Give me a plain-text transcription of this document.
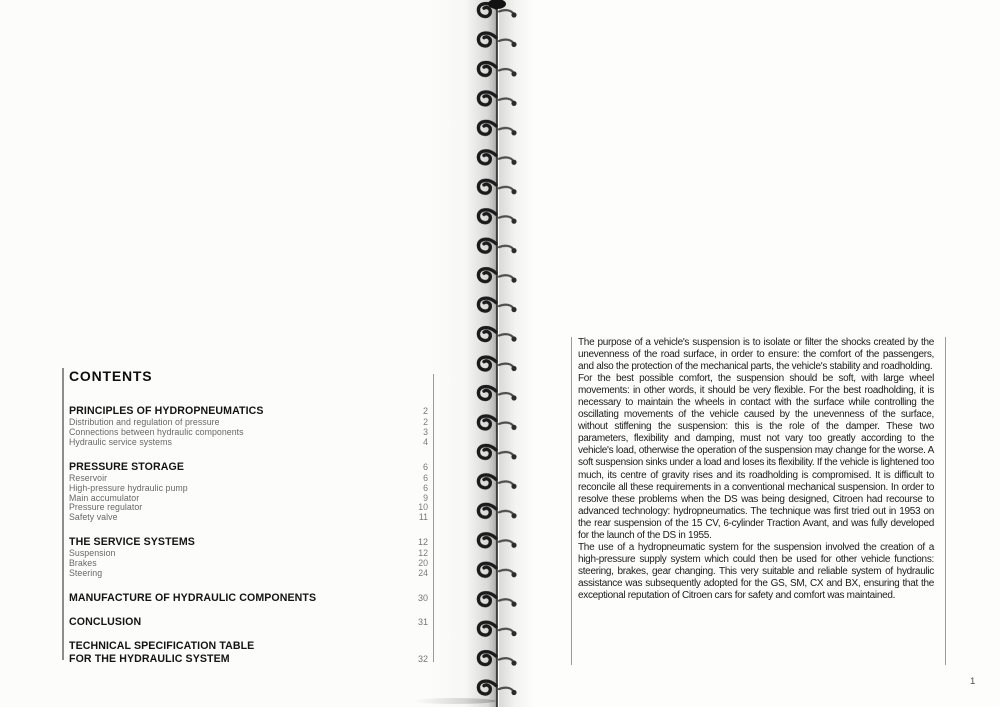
CONTENTS
PRINCIPLES OF HYDROPNEUMATICS	2
Distribution and regulation of pressure	2
Connections between hydraulic components	3
Hydraulic service systems	4
PRESSURE STORAGE	6
Reservoir	6
High-pressure hydraulic pump	6
Main accumulator	9
Pressure regulator	10
Safety valve	11
THE SERVICE SYSTEMS	12
Suspension	12
Brakes	20
Steering	24
MANUFACTURE OF HYDRAULIC COMPONENTS	30
CONCLUSION	31
TECHNICAL SPECIFICATION TABLE
FOR THE HYDRAULIC SYSTEM	32

The purpose of a vehicle's suspension is to isolate or filter the shocks created by the unevenness of the road surface, in order to ensure: the comfort of the passengers, and also the protection of the mechanical parts, the vehicle's stability and roadholding.

For the best possible comfort, the suspension should be soft, with large wheel movements: in other words, it should be very flexible. For the best roadholding, it is necessary to maintain the wheels in contact with the surface while controlling the oscillating movements of the vehicle caused by the unevenness of the surface, without stiffening the suspension: this is the role of the damper. These two parameters, flexibility and damping, must not vary too greatly according to the vehicle's load, otherwise the operation of the suspension may change for the worse. A soft suspension sinks under a load and loses its flexibility. If the vehicle is lightened too much, its centre of gravity rises and its roadholding is compromised. It is difficult to reconcile all these requirements in a conventional mechanical suspension. In order to resolve these problems when the DS was being designed, Citroen had recourse to advanced technology: hydropneumatics. The technique was first tried out in 1953 on the rear suspension of the 15 CV, 6-cylinder Traction Avant, and was fully developed for the launch of the DS in 1955.

The use of a hydropneumatic system for the suspension involved the creation of a high-pressure supply system which could then be used for other vehicle functions: steering, brakes, gear changing. This very suitable and reliable system of hydraulic assistance was subsequently adopted for the GS, SM, CX and BX, ensuring that the exceptional reputation of Citroen cars for safety and comfort was maintained.

1
